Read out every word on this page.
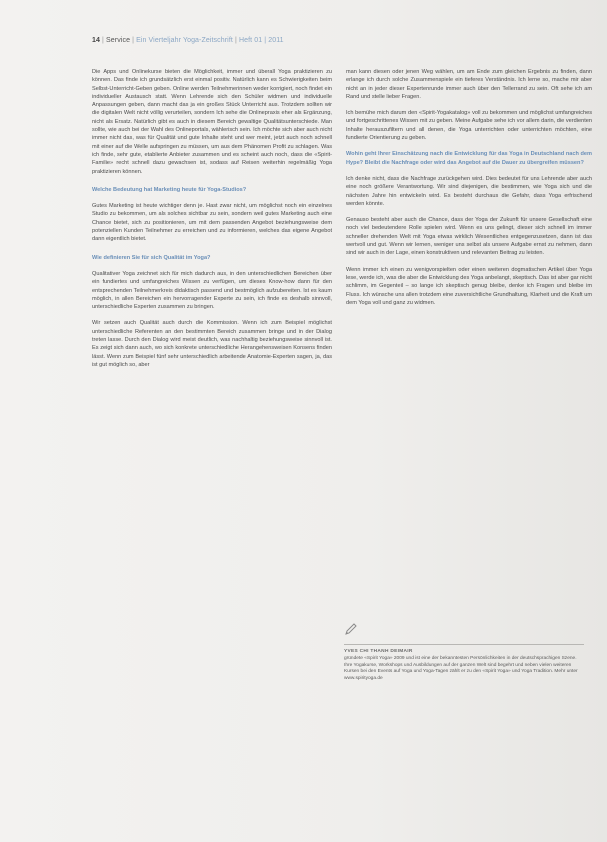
14 | Service | Ein Vierteljahr Yoga-Zeitschrift | Heft 01 | 2011

Die Apps und Onlinekurse bieten die Möglichkeit, immer und überall Yoga praktizieren zu können. Das finde ich grundsätzlich erst einmal positiv. Natürlich kann es Schwierigkeiten beim Selbst-Unterricht-Geben geben. Online werden Teilnehmerinnen weder korrigiert, noch findet ein individueller Austausch statt. Wenn Lehrende sich den Schüler widmen und individuelle Anpassungen geben, dann macht das ja ein großes Stück Unterricht aus. Trotzdem sollten wir die digitalen Welt nicht völlig verurteilen, sondern Ich sehe die Onlinepraxis eher als Ergänzung, nicht als Ersatz. Natürlich gibt es auch in diesem Bereich gewaltige Qualitätsunterschiede. Man sollte, wie auch bei der Wahl des Onlineportals, wählerisch sein. Ich möchte sich aber auch nicht immer nicht das, was für Qualität und gute Inhalte steht und wer meint, jetzt auch noch schnell mit einer auf die Welle aufspringen zu müssen, um aus dem Phänomen Profit zu schlagen. Was ich finde, sehr gute, etablierte Anbieter zusammen und es scheint auch noch, dass die «Spirit-Familie» recht schnell dazu gewachsen ist, sodass auf Reisen weiterhin regelmäßig Yoga praktizieren können.

Welche Bedeutung hat Marketing heute für Yoga-Studios?

Gutes Marketing ist heute wichtiger denn je. Hast zwar nicht, um möglichst noch ein einzelnes Studio zu bekommen, um als solches sichtbar zu sein, sondern weil gutes Marketing auch eine Chance bietet, sich zu positionieren, um mit dem passenden Angebot beziehungsweise dem potenziellen Kunden Teilnehmer zu erreichen und zu informieren, welches das eigene Angebot dann eigentlich bietet.

Wie definieren Sie für sich Qualität im Yoga?

Qualitativer Yoga zeichnet sich für mich dadurch aus, in den unterschiedlichen Bereichen über ein fundiertes und umfangreiches Wissen zu verfügen, um dieses Know-how dann für den entsprechenden Teilnehmerkreis didaktisch passend und bestmöglich aufzubereiten. Ist es kaum möglich, in allen Bereichen ein hervorragender Experte zu sein, ich finde es deshalb sinnvoll, unterschiedliche Experten zusammen zu bringen.

Wir setzen auch Qualität auch durch die Kommission. Wenn ich zum Beispiel möglichst unterschiedliche Referenten an den bestimmten Bereich zusammen bringe und in der Dialog treten lasse. Durch den Dialog wird meist deutlich, was nachhaltig beziehungsweise sinnvoll ist. Es zeigt sich dann auch, wo sich konkrete unterschiedliche Herangehensweisen Konsens finden lässt. Wenn zum Beispiel fünf sehr unterschiedlich arbeitende Anatomie-Experten sagen, ja, das ist gut möglich so, aber

man kann diesen oder jenen Weg wählen, um am Ende zum gleichen Ergebnis zu finden, dann erlange ich durch solche Zusammenspiele ein tieferes Verständnis. Ich lerne so, mache mir aber nicht an in jeder dieser Expertenrunde immer auch über den Tellerrand zu sein. Oft sehe ich am Rand und stelle lieber Fragen.

Ich bemühe mich darum den «Spirit-Yogakatalog» voll zu bekommen und möglichst umfangreiches und fortgeschrittenes Wissen mit zu geben. Meine Aufgabe sehe ich vor allem darin, die verdienten Inhalte herauszufiltern und all denen, die Yoga unterrichten oder unterrichten möchten, eine fundierte Orientierung zu geben.

Wohin geht Ihrer Einschätzung nach die Entwicklung für das Yoga in Deutschland nach dem Hype? Bleibt die Nachfrage oder wird das Angebot auf die Dauer zu übergreifen müssen?

Ich denke nicht, dass die Nachfrage zurückgehen wird. Dies bedeutet für uns Lehrende aber auch eine noch größere Verantwortung. Wir sind diejenigen, die bestimmen, wie Yoga sich und die nächsten Jahre hin entwickeln wird. Es besteht durchaus die Gefahr, dass Yoga erfrischend werden könnte.

Genauso besteht aber auch die Chance, dass der Yoga der Zukunft für unsere Gesellschaft eine noch viel bedeutendere Rolle spielen wird. Wenn es uns gelingt, dieser sich schnell im immer schneller drehenden Welt mit Yoga etwas wirklich Wesentliches entgegenzusetzen, dann ist das wertvoll und gut. Wenn wir lernen, weniger uns selbst als unsere Aufgabe ernst zu nehmen, dann sind wir auch in der Lage, einen konstruktiven und relevanten Beitrag zu leisten.

Wenn immer ich einen zu wenigvorspielten oder einen weiteren dogmatischen Artikel über Yoga lese, werde ich, was die aber die Entwicklung des Yoga anbelangt, skeptisch. Das ist aber gar nicht schlimm, im Gegenteil – so lange ich skeptisch genug bleibe, denke ich Fragen und bleibe im Fluss. Ich wünsche uns allen trotzdem eine zuversichtliche Grundhaltung, Klarheit und die Kraft um dem Yoga voll und ganz zu widmen.

YVES CHI THANH DEIMAIR
gründete «Spirit Yoga» 2009 und ist eine der bekanntesten Persönlichkeiten in der deutschsprachigen Szene. Ihre Yogakurse, Workshops und Ausbildungen auf der ganzen Welt sind begehrt und neben vielen weiteren Kursen bei den Events auf Yoga und Yoga-Tagen zählt er zu den «Spirit Yoga» und Yoga Tradition. Mehr unter www.spirityoga.de
